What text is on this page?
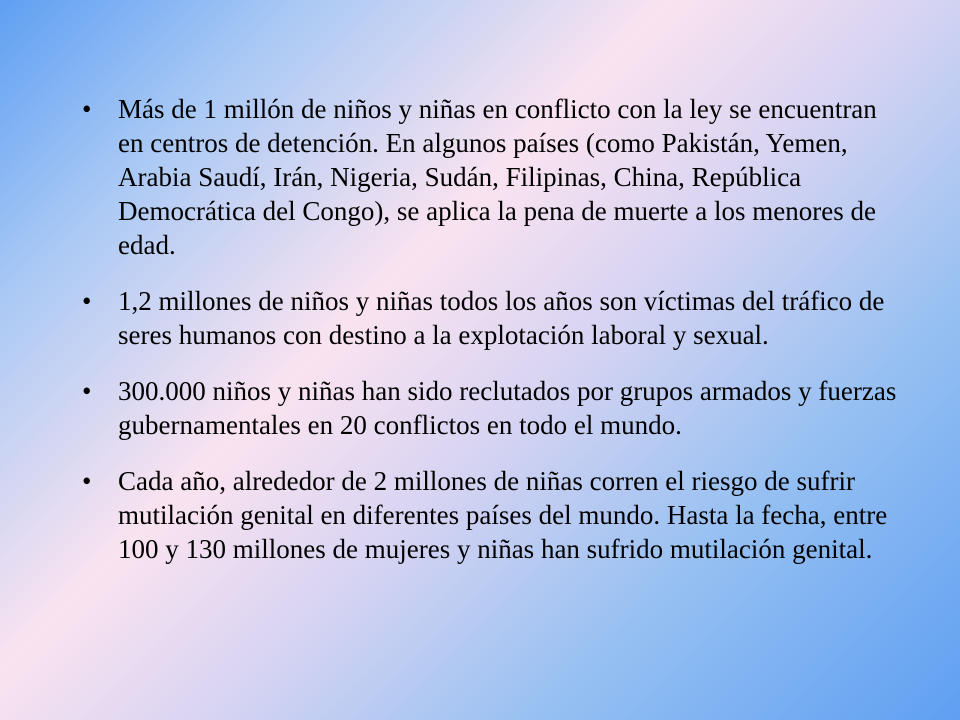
• Más de 1 millón de niños y niñas en conflicto con la ley se encuentran en centros de detención. En algunos países (como Pakistán, Yemen, Arabia Saudí, Irán, Nigeria, Sudán, Filipinas, China, República Democrática del Congo), se aplica la pena de muerte a los menores de edad.
• 1,2 millones de niños y niñas todos los años son víctimas del tráfico de seres humanos con destino a la explotación laboral y sexual.
• 300.000 niños y niñas han sido reclutados por grupos armados y fuerzas gubernamentales en 20 conflictos en todo el mundo.
• Cada año, alrededor de 2 millones de niñas corren el riesgo de sufrir mutilación genital en diferentes países del mundo. Hasta la fecha, entre 100 y 130 millones de mujeres y niñas han sufrido mutilación genital.
